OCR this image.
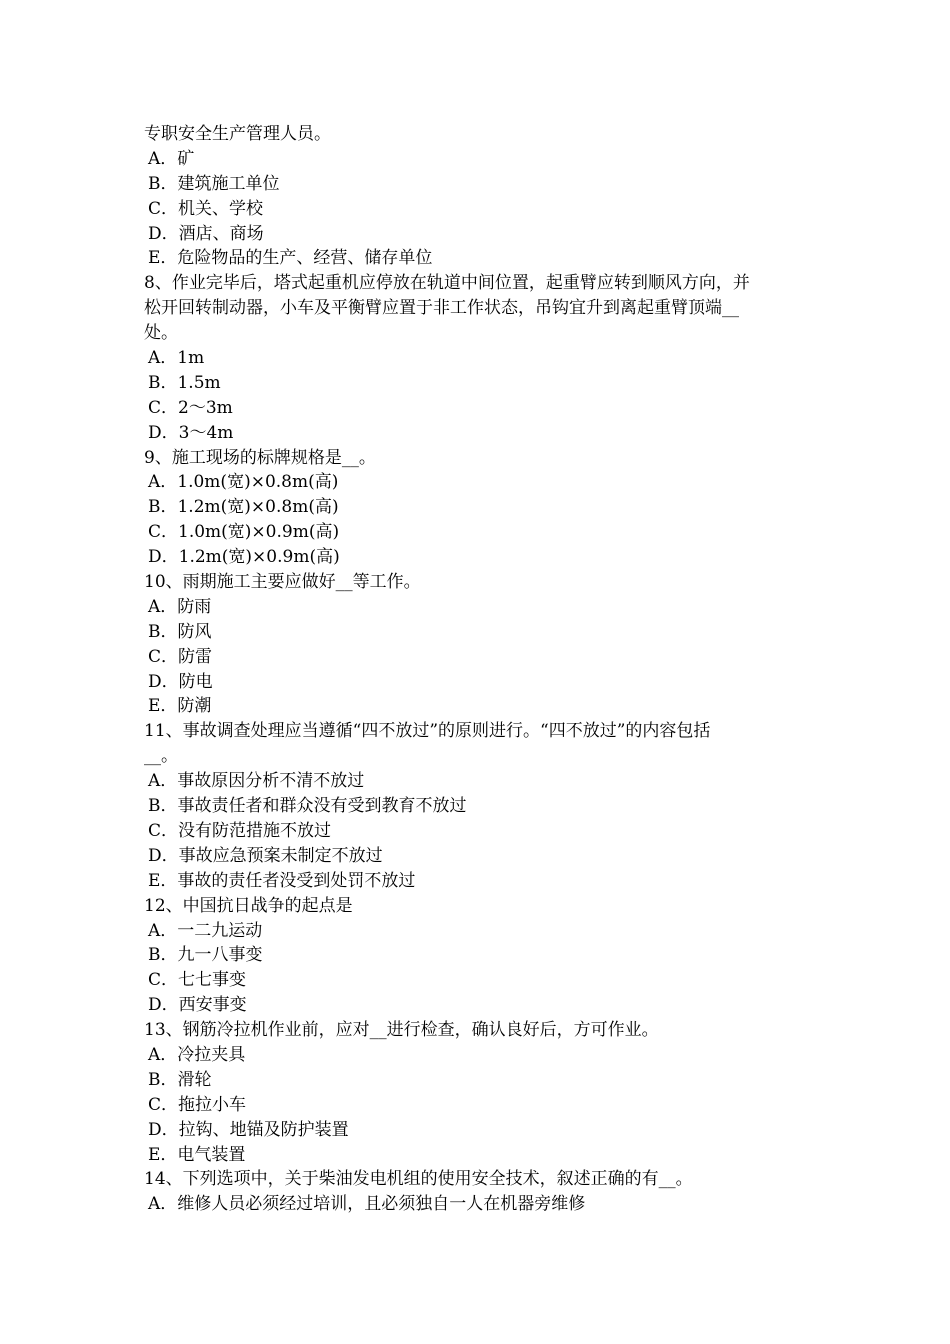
专职安全生产管理人员。
A．矿
B．建筑施工单位
C．机关、学校
D．酒店、商场
E．危险物品的生产、经营、储存单位
8、作业完毕后，塔式起重机应停放在轨道中间位置，起重臂应转到顺风方向，并
松开回转制动器，小车及平衡臂应置于非工作状态，吊钩宜升到离起重臂顶端__
处。
A．1m
B．1.5m
C．2～3m
D．3～4m
9、施工现场的标牌规格是__。
A．1.0m(宽)×0.8m(高)
B．1.2m(宽)×0.8m(高)
C．1.0m(宽)×0.9m(高)
D．1.2m(宽)×0.9m(高)
10、雨期施工主要应做好__等工作。
A．防雨
B．防风
C．防雷
D．防电
E．防潮
11、事故调查处理应当遵循“四不放过”的原则进行。“四不放过”的内容包括
__。
A．事故原因分析不清不放过
B．事故责任者和群众没有受到教育不放过
C．没有防范措施不放过
D．事故应急预案未制定不放过
E．事故的责任者没受到处罚不放过
12、中国抗日战争的起点是
A．一二九运动
B．九一八事变
C．七七事变
D．西安事变
13、钢筋冷拉机作业前，应对__进行检查，确认良好后，方可作业。
A．冷拉夹具
B．滑轮
C．拖拉小车
D．拉钩、地锚及防护装置
E．电气装置
14、下列选项中，关于柴油发电机组的使用安全技术，叙述正确的有__。
A．维修人员必须经过培训，且必须独自一人在机器旁维修
